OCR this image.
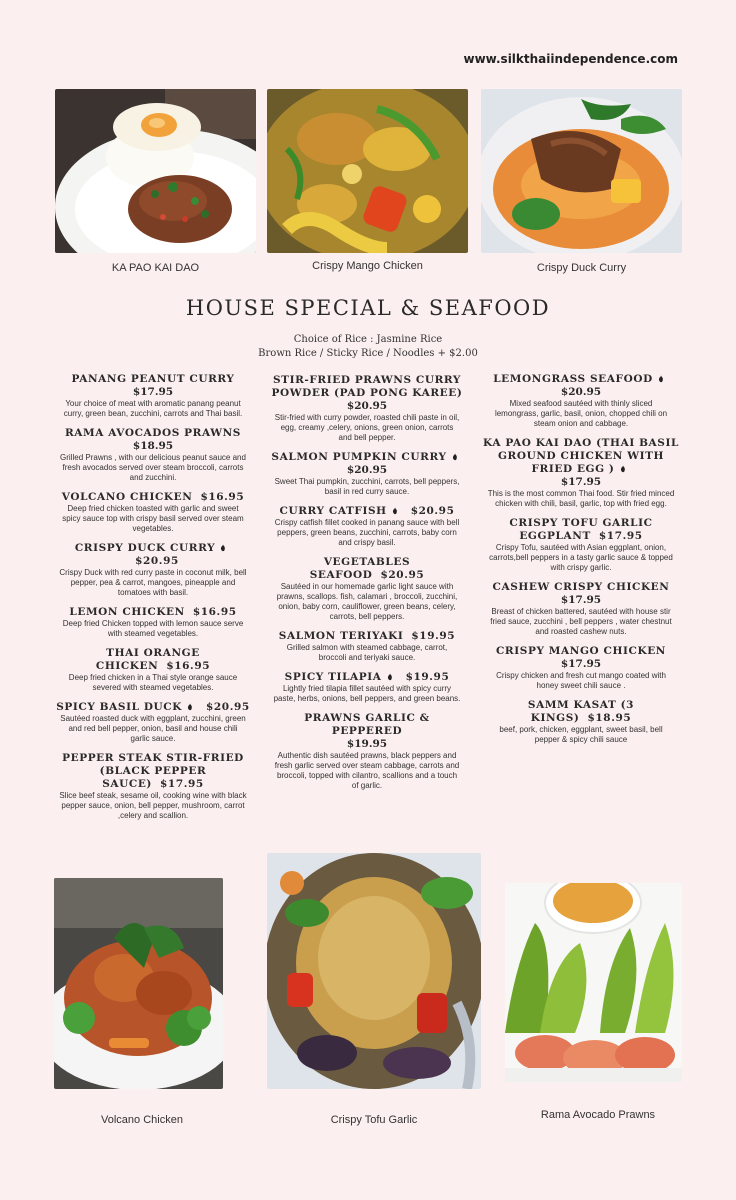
www.silkthaiindependence.com
KA PAO KAI DAO	Crispy Mango Chicken	Crispy Duck Curry
HOUSE SPECIAL & SEAFOOD
Choice of Rice : Jasmine Rice
Brown Rice / Sticky Rice / Noodles + $2.00
PANANG PEANUT CURRY
$17.95
Your choice of meat with aromatic panang peanut curry, green bean, zucchini, carrots and Thai basil.
RAMA AVOCADOS PRAWNS
$18.95
Grilled Prawns , with our delicious peanut sauce and fresh avocados served over steam broccoli, carrots and zucchini.
VOLCANO CHICKEN $16.95
Deep fried chicken toasted with garlic and sweet spicy sauce top with crispy basil served over steam vegetables.
CRISPY DUCK CURRY$20.95
Crispy Duck with red curry paste in coconut milk, bell pepper, pea & carrot, mangoes, pineapple and tomatoes with basil.
LEMON CHICKEN $16.95
Deep fried Chicken topped with lemon sauce serve with steamed vegetables.
THAI ORANGE CHICKEN $16.95
Deep fried chicken in a Thai style orange sauce severed with steamed vegetables.
SPICY BASIL DUCK $20.95
Sautéed roasted duck with eggplant, zucchini, green and red bell pepper, onion, basil and house chili garlic sauce.
PEPPER STEAK STIR-FRIED (BLACK PEPPER SAUCE) $17.95
Slice beef steak, sesame oil, cooking wine with black pepper sauce, onion, bell pepper, mushroom, carrot ,celery and scallion.
STIR-FRIED PRAWNS CURRY POWDER (PAD PONG KAREE)
$20.95
Stir-fried with curry powder, roasted chili paste in oil, egg, creamy ,celery, onions, green onion, carrots and bell pepper.
SALMON PUMPKIN CURRY
$20.95
Sweet Thai pumpkin, zucchini, carrots, bell peppers, basil in red curry sauce.
CURRY CATFISH $20.95
Crispy catfish fillet cooked in panang sauce with bell peppers, green beans, zucchini, carrots, baby corn and crispy basil.
VEGETABLES SEAFOOD $20.95
Sautéed in our homemade garlic light sauce with prawns, scallops. fish, calamari , broccoli, zucchini, onion, baby corn, cauliflower, green beans, celery, carrots, bell peppers.
SALMON TERIYAKI $19.95
Grilled salmon with steamed cabbage, carrot, broccoli and teriyaki sauce.
SPICY TILAPIA $19.95
Lightly fried tilapia fillet sautéed with spicy curry paste, herbs, onions, bell peppers, and green beans.
PRAWNS GARLIC & PEPPERED
$19.95
Authentic dish sautéed prawns, black peppers and fresh garlic served over steam cabbage, carrots and broccoli, topped with cilantro, scallions and a touch of garlic.
LEMONGRASS SEAFOOD
$20.95
Mixed seafood sautéed with thinly sliced lemongrass, garlic, basil, onion, chopped chili on steam onion and cabbage.
KA PAO KAI DAO (THAI BASIL GROUND CHICKEN WITH FRIED EGG )
$17.95
This is the most common Thai food. Stir fried minced chicken with chili, basil, garlic, top with fried egg.
CRISPY TOFU GARLIC EGGPLANT $17.95
Crispy Tofu, sautéed with Asian eggplant, onion, carrots,bell peppers in a tasty garlic sauce & topped with crispy garlic.
CASHEW CRISPY CHICKEN
$17.95
Breast of chicken battered, sautéed with house stir fried sauce, zucchini , bell peppers , water chestnut and roasted cashew nuts.
CRISPY MANGO CHICKEN
$17.95
Crispy chicken and fresh cut mango coated with honey sweet chili sauce .
SAMM KASAT (3 KINGS) $18.95
beef, pork, chicken, eggplant, sweet basil, bell pepper & spicy chili sauce
Volcano Chicken	Crispy Tofu Garlic	Rama Avocado Prawns
